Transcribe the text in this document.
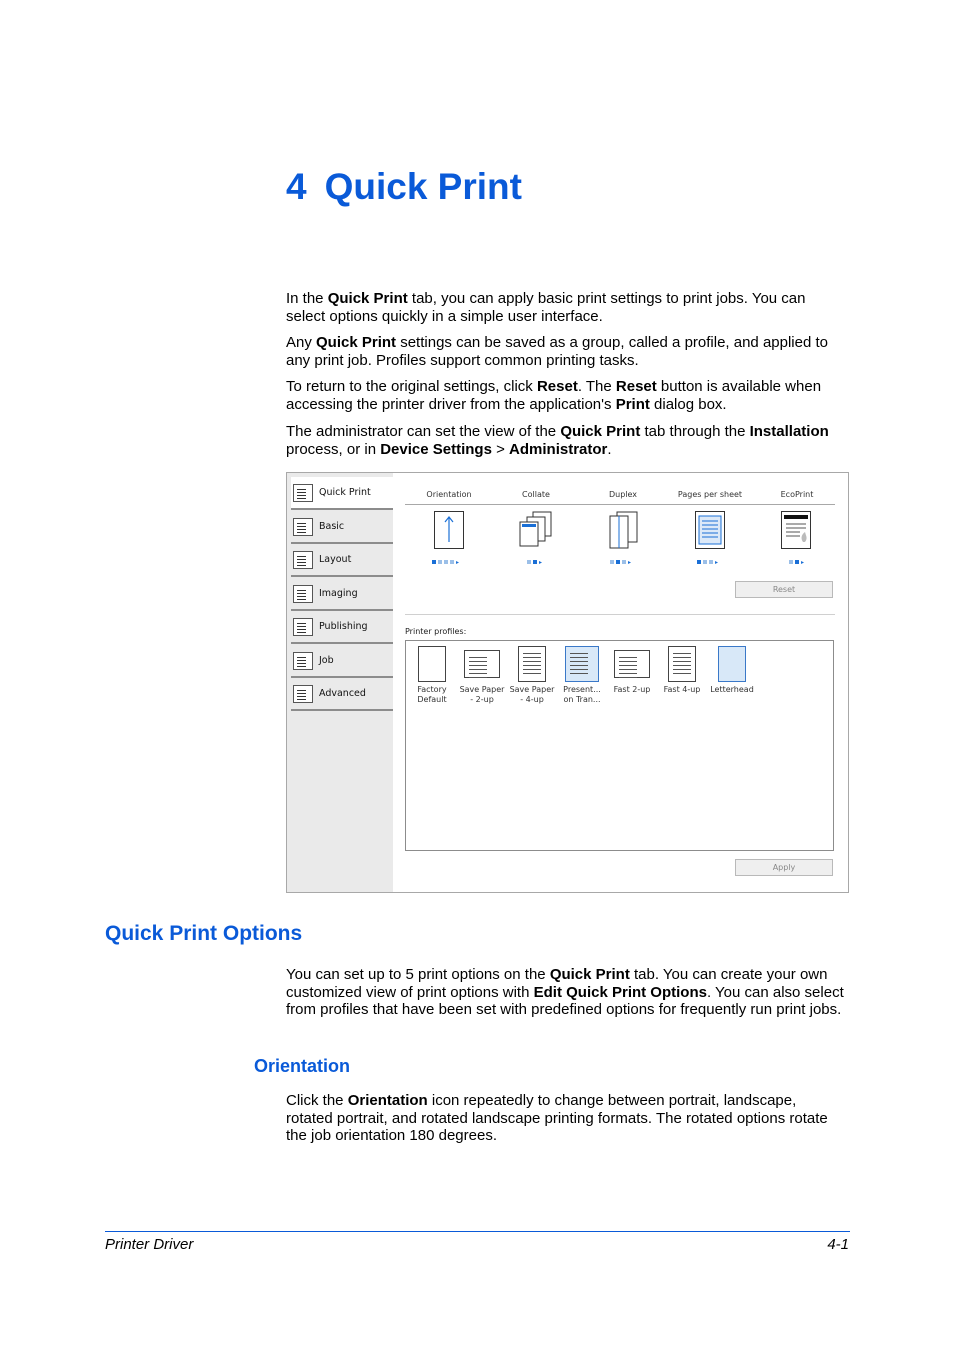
4 Quick Print

In the Quick Print tab, you can apply basic print settings to print jobs. You can select options quickly in a simple user interface.

Any Quick Print settings can be saved as a group, called a profile, and applied to any print job. Profiles support common printing tasks.

To return to the original settings, click Reset. The Reset button is available when accessing the printer driver from the application's Print dialog box.

The administrator can set the view of the Quick Print tab through the Installation process, or in Device Settings > Administrator.

Quick Print
Basic
Layout
Imaging
Publishing
Job
Advanced
Orientation	Collate	Duplex	Pages per sheet	EcoPrint
▸	▸	▸	▸	▸
Reset
Printer profiles:
Factory
Default
Save Paper
- 2-up
Save Paper
- 4-up
Present...
on Tran...
Fast 2-up	Fast 4-up	Letterhead
Apply
Quick Print Options

You can set up to 5 print options on the Quick Print tab. You can create your own customized view of print options with Edit Quick Print Options. You can also select from profiles that have been set with predefined options for frequently run print jobs.

Orientation

Click the Orientation icon repeatedly to change between portrait, landscape, rotated portrait, and rotated landscape printing formats. The rotated options rotate the job orientation 180 degrees.

Printer Driver	4-1
